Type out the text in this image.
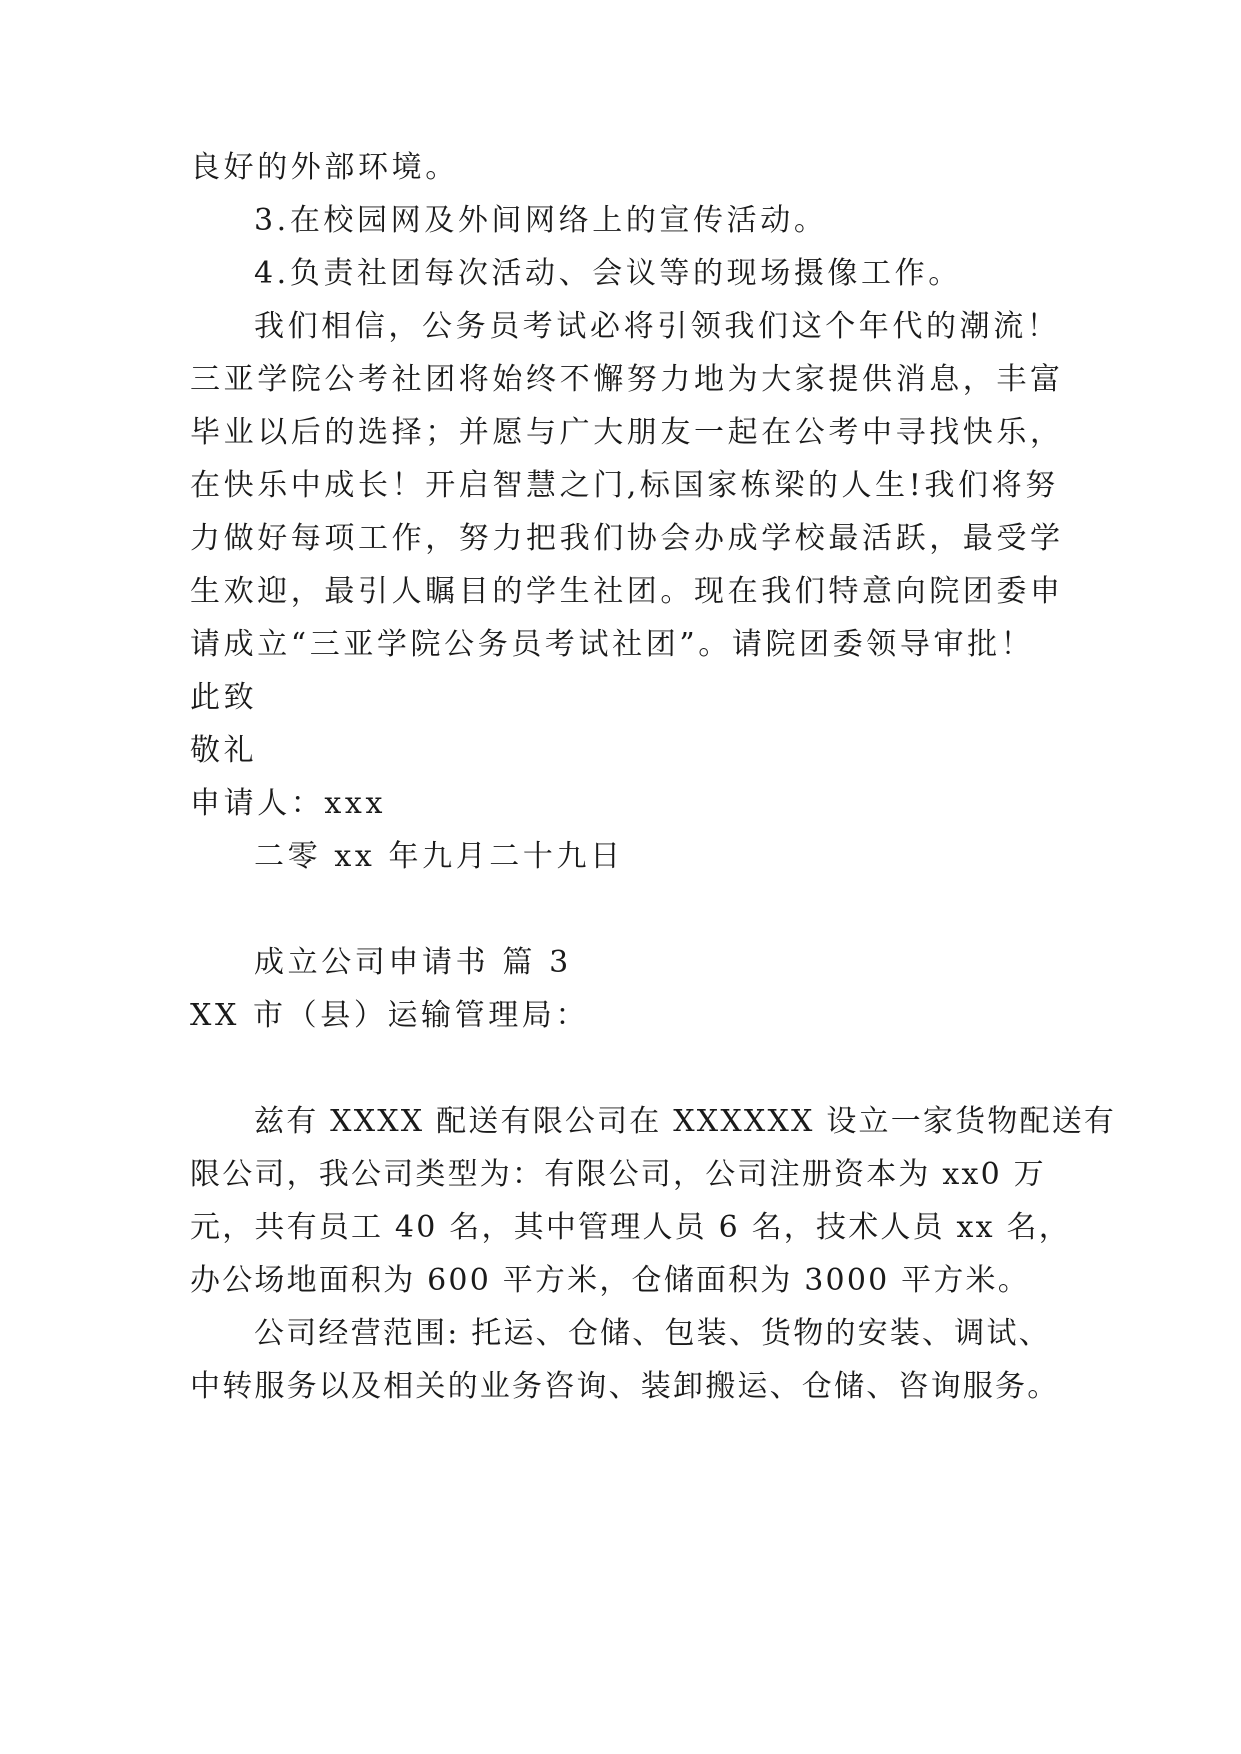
良好的外部环境。
3.在校园网及外间网络上的宣传活动。
4.负责社团每次活动、会议等的现场摄像工作。
我们相信，公务员考试必将引领我们这个年代的潮流！
三亚学院公考社团将始终不懈努力地为大家提供消息，丰富
毕业以后的选择；并愿与广大朋友一起在公考中寻找快乐，
在快乐中成长！开启智慧之门,标国家栋梁的人生!我们将努
力做好每项工作，努力把我们协会办成学校最活跃，最受学
生欢迎，最引人瞩目的学生社团。现在我们特意向院团委申
请成立“三亚学院公务员考试社团”。请院团委领导审批！
此致
敬礼
申请人：xxx
二零 xx 年九月二十九日
成立公司申请书 篇 3
XX 市（县）运输管理局：
兹有 XXXX 配送有限公司在 XXXXXX 设立一家货物配送有
限公司，我公司类型为：有限公司，公司注册资本为 xx0 万
元，共有员工 40 名，其中管理人员 6 名，技术人员 xx 名，
办公场地面积为 600 平方米，仓储面积为 3000 平方米。
公司经营范围: 托运、仓储、包装、货物的安装、调试、
中转服务以及相关的业务咨询、装卸搬运、仓储、咨询服务。
